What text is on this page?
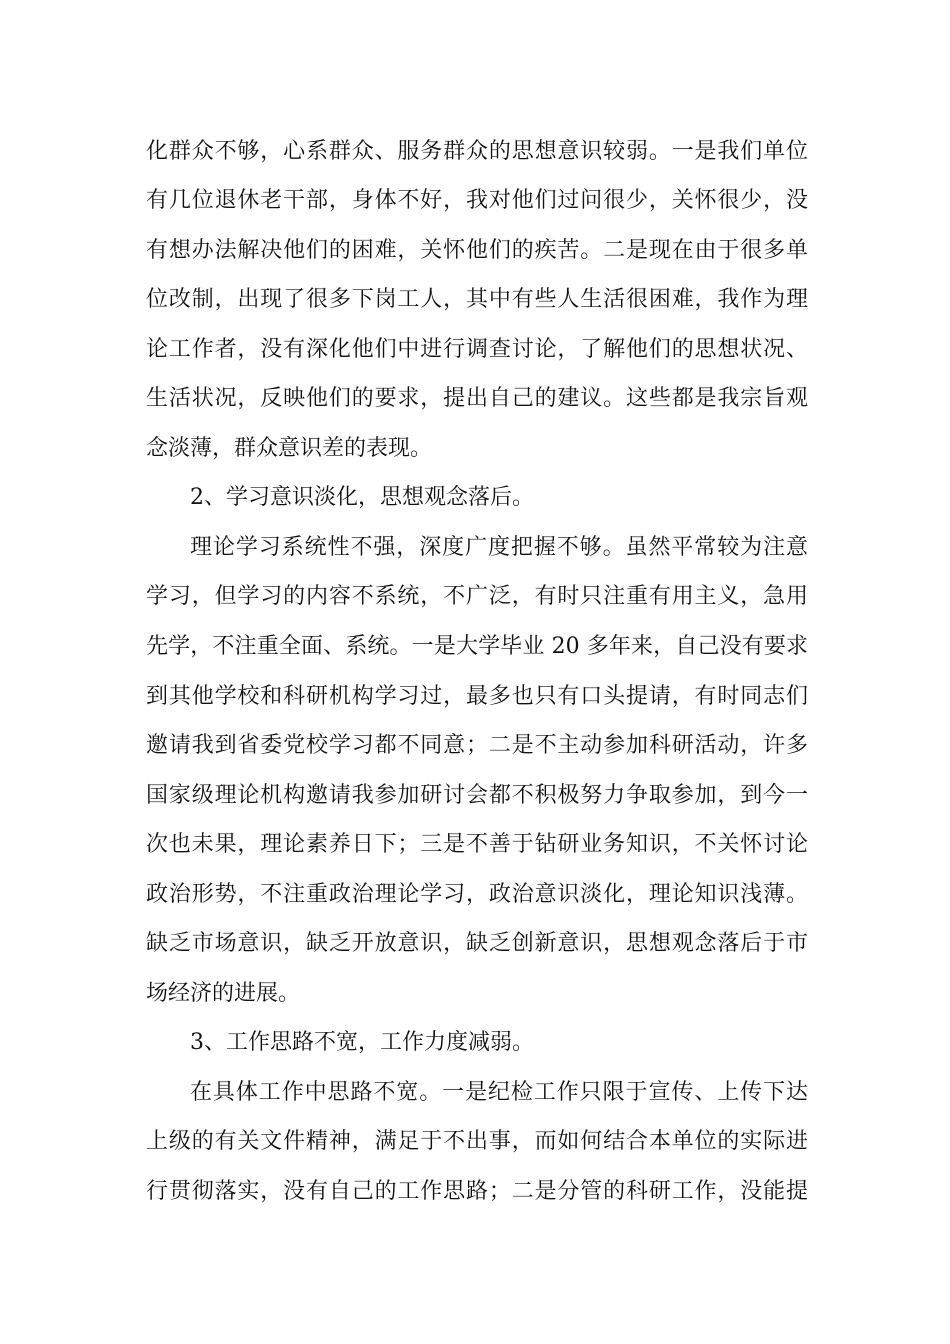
化群众不够，心系群众、服务群众的思想意识较弱。一是我们单位
有几位退休老干部，身体不好，我对他们过问很少，关怀很少，没
有想办法解决他们的困难，关怀他们的疾苦。二是现在由于很多单
位改制，出现了很多下岗工人，其中有些人生活很困难，我作为理
论工作者，没有深化他们中进行调查讨论，了解他们的思想状况、
生活状况，反映他们的要求，提出自己的建议。这些都是我宗旨观
念淡薄，群众意识差的表现。
2、学习意识淡化，思想观念落后。
理论学习系统性不强，深度广度把握不够。虽然平常较为注意
学习，但学习的内容不系统，不广泛，有时只注重有用主义，急用
先学，不注重全面、系统。一是大学毕业 20 多年来，自己没有要求
到其他学校和科研机构学习过，最多也只有口头提请，有时同志们
邀请我到省委党校学习都不同意；二是不主动参加科研活动，许多
国家级理论机构邀请我参加研讨会都不积极努力争取参加，到今一
次也未果，理论素养日下；三是不善于钻研业务知识，不关怀讨论
政治形势，不注重政治理论学习，政治意识淡化，理论知识浅薄。
缺乏市场意识，缺乏开放意识，缺乏创新意识，思想观念落后于市
场经济的进展。
3、工作思路不宽，工作力度减弱。
在具体工作中思路不宽。一是纪检工作只限于宣传、上传下达
上级的有关文件精神，满足于不出事，而如何结合本单位的实际进
行贯彻落实，没有自己的工作思路；二是分管的科研工作，没能提
